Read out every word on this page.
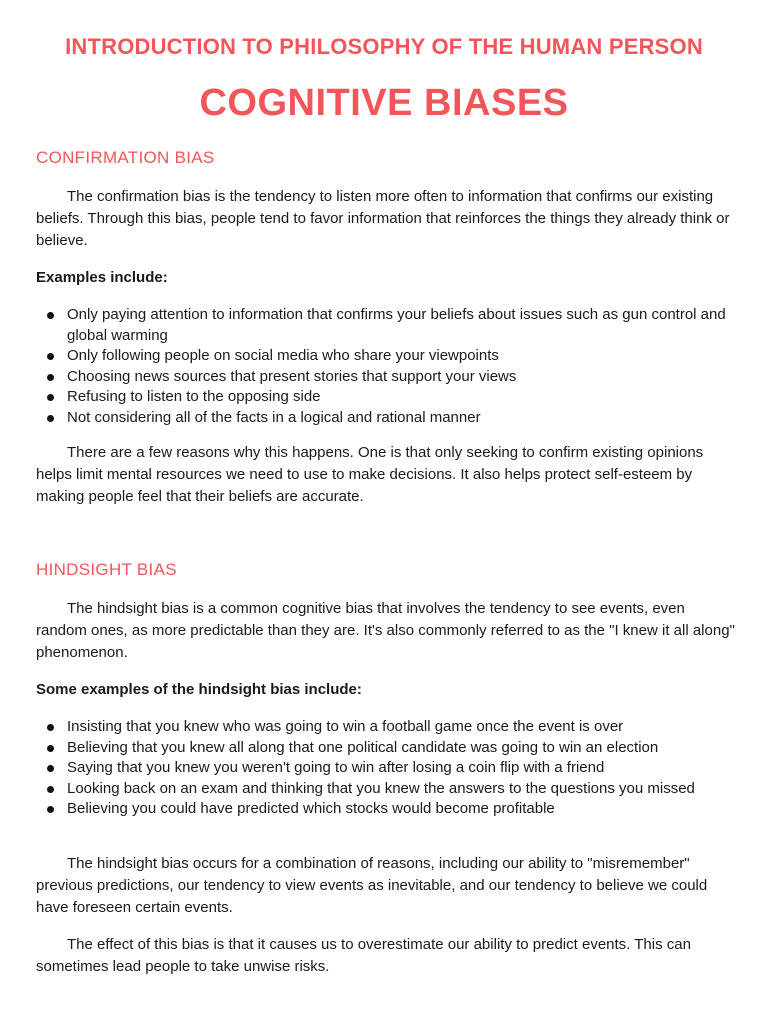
INTRODUCTION TO PHILOSOPHY OF THE HUMAN PERSON
COGNITIVE BIASES
CONFIRMATION BIAS

The confirmation bias is the tendency to listen more often to information that confirms our existing beliefs. Through this bias, people tend to favor information that reinforces the things they already think or believe.

Examples include:
Only paying attention to information that confirms your beliefs about issues such as gun control and global warming
Only following people on social media who share your viewpoints
Choosing news sources that present stories that support your views
Refusing to listen to the opposing side
Not considering all of the facts in a logical and rational manner

There are a few reasons why this happens. One is that only seeking to confirm existing opinions helps limit mental resources we need to use to make decisions. It also helps protect self-esteem by making people feel that their beliefs are accurate.

HINDSIGHT BIAS

The hindsight bias is a common cognitive bias that involves the tendency to see events, even random ones, as more predictable than they are. It's also commonly referred to as the "I knew it all along" phenomenon.

Some examples of the hindsight bias include:
Insisting that you knew who was going to win a football game once the event is over
Believing that you knew all along that one political candidate was going to win an election
Saying that you knew you weren't going to win after losing a coin flip with a friend
Looking back on an exam and thinking that you knew the answers to the questions you missed
Believing you could have predicted which stocks would become profitable

The hindsight bias occurs for a combination of reasons, including our ability to "misremember" previous predictions, our tendency to view events as inevitable, and our tendency to believe we could have foreseen certain events.

The effect of this bias is that it causes us to overestimate our ability to predict events. This can sometimes lead people to take unwise risks.
